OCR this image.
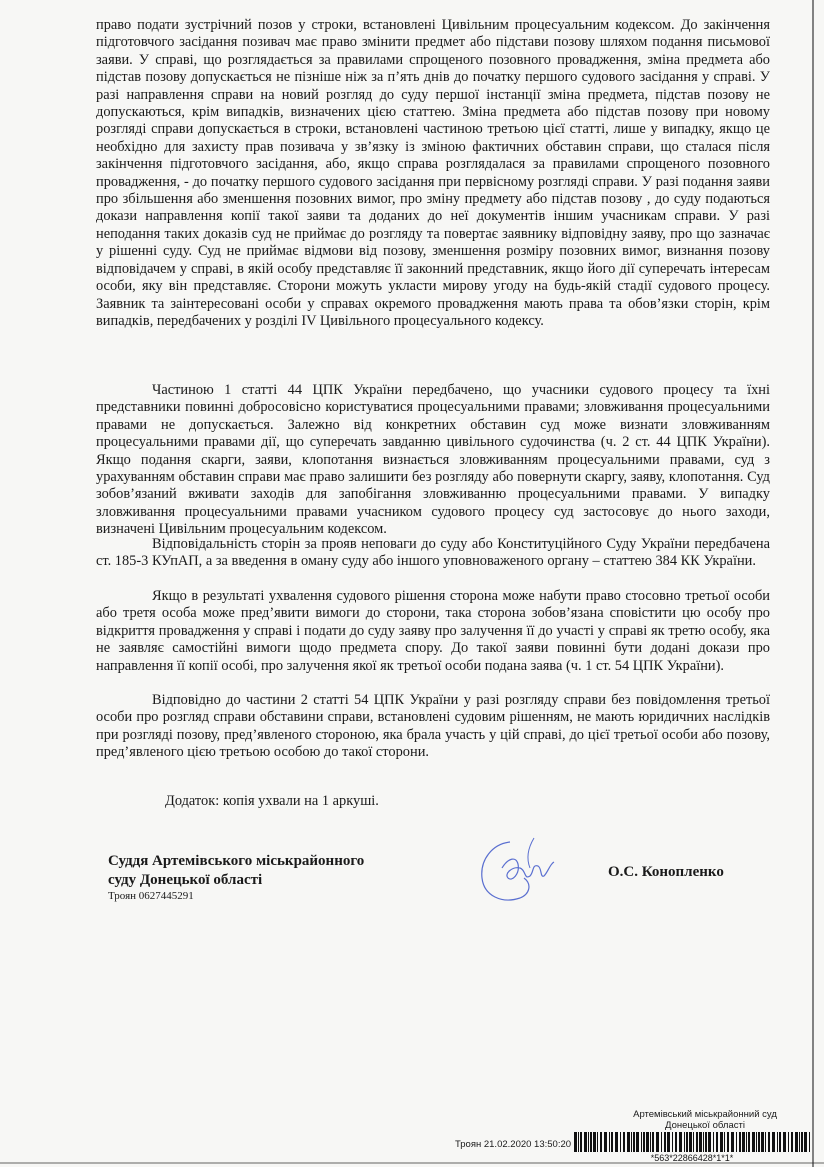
право подати зустрічний позов у строки, встановлені Цивільним процесуальним кодексом. До закінчення підготовчого засідання позивач має право змінити предмет або підстави позову шляхом подання письмової заяви. У справі, що розглядається за правилами спрощеного позовного провадження, зміна предмета або підстав позову допускається не пізніше ніж за п’ять днів до початку першого судового засідання у справі. У разі направлення справи на новий розгляд до суду першої інстанції зміна предмета, підстав позову не допускаються, крім випадків, визначених цією статтею. Зміна предмета або підстав позову при новому розгляді справи допускається в строки, встановлені частиною третьою цієї статті, лише у випадку, якщо це необхідно для захисту прав позивача у зв’язку із зміною фактичних обставин справи, що сталася після закінчення підготовчого засідання, або, якщо справа розглядалася за правилами спрощеного позовного провадження, - до початку першого судового засідання при первісному розгляді справи. У разі подання заяви про збільшення або зменшення позовних вимог, про зміну предмету або підстав позову , до суду подаються докази направлення копії такої заяви та доданих до неї документів іншим учасникам справи. У разі неподання таких доказів суд не приймає до розгляду та повертає заявнику відповідну заяву, про що зазначає у рішенні суду. Суд не приймає відмови від позову, зменшення розміру позовних вимог, визнання позову відповідачем у справі, в якій особу представляє її законний представник, якщо його дії суперечать інтересам особи, яку він представляє. Сторони можуть укласти мирову угоду на будь-якій стадії судового процесу. Заявник та заінтересовані особи у справах окремого провадження мають права та обов’язки сторін, крім випадків, передбачених у розділі IV Цивільного процесуального кодексу.

Частиною 1 статті 44 ЦПК України передбачено, що учасники судового процесу та їхні представники повинні добросовісно користуватися процесуальними правами; зловживання процесуальними правами не допускається. Залежно від конкретних обставин суд може визнати зловживанням процесуальними правами дії, що суперечать завданню цивільного судочинства (ч. 2 ст. 44 ЦПК України). Якщо подання скарги, заяви, клопотання визнається зловживанням процесуальними правами, суд з урахуванням обставин справи має право залишити без розгляду або повернути скаргу, заяву, клопотання. Суд зобов’язаний вживати заходів для запобігання зловживанню процесуальними правами. У випадку зловживання процесуальними правами учасником судового процесу суд застосовує до нього заходи, визначені Цивільним процесуальним кодексом.

Відповідальність сторін за прояв неповаги до суду або Конституційного Суду України передбачена ст. 185-3 КУпАП, а за введення в оману суду або іншого уповноваженого органу – статтею 384 КК України.

Якщо в результаті ухвалення судового рішення сторона може набути право стосовно третьої особи або третя особа може пред’явити вимоги до сторони, така сторона зобов’язана сповістити цю особу про відкриття провадження у справі і подати до суду заяву про залучення її до участі у справі як третю особу, яка не заявляє самостійні вимоги щодо предмета спору. До такої заяви повинні бути додані докази про направлення її копії особі, про залучення якої як третьої особи подана заява (ч. 1 ст. 54 ЦПК України).

Відповідно до частини 2 статті 54 ЦПК України у разі розгляду справи без повідомлення третьої особи про розгляд справи обставини справи, встановлені судовим рішенням, не мають юридичних наслідків при розгляді позову, пред’явленого стороною, яка брала участь у цій справі, до цієї третьої особи або позову, пред’явленого цією третьою особою до такої сторони.

Додаток: копія ухвали на 1 аркуші.
Суддя Артемівського міськрайонного
суду Донецької області
Троян 0627445291
О.С. Конопленко
Артемівський міськрайонний суд
Донецької області
Троян 21.02.2020 13:50:20
*563*22866428*1*1*
